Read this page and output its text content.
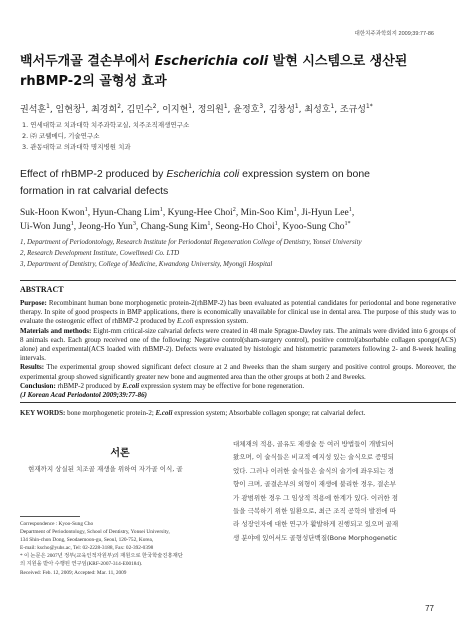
대한치주과학회지 2009;39:77-86
백서두개골 결손부에서 Escherichia coli 발현 시스템으로 생산된
rhBMP-2의 골형성 효과
권석훈$^1$, 임현창$^1$, 최경희$^2$, 김민수$^2$, 이지현$^1$, 정의원$^1$, 윤정호$^3$, 김창성$^1$, 최성호$^1$, 조규성$^{1*}$
1. 연세대학교 치과대학 치주과학교실, 치주조직재생연구소
2. ㈜ 코웰메디, 기술연구소
3. 관동대학교 의과대학 명지병원 치과
Effect of rhBMP-2 produced by Escherichia coli expression system on bone
formation in rat calvarial defects
Suk-Hoon Kwon$^1$, Hyun-Chang Lim$^1$, Kyung-Hee Choi$^2$, Min-Soo Kim$^1$, Ji-Hyun Lee$^1$,
Ui-Won Jung$^1$, Jeong-Ho Yun$^3$, Chang-Sung Kim$^1$, Seong-Ho Choi$^1$, Kyoo-Sung Cho$^{1*}$
1, Department of Periodontology, Research Institute for Periodontal Regeneration College of Dentistry, Yonsei University
2, Research Development Institute, Cowellmedi Co. LTD
3, Department of Dentistry, College of Medicine, Kwandong University, Myongji Hospital
ABSTRACT

Purpose: Recombinant human bone morphogenetic protein-2(rhBMP-2) has been evaluated as potential candidates for periodontal and bone regenerative therapy. In spite of good prospects in BMP applications, there is economically unavailable for clinical use in dental area. The purpose of this study was to evaluate the osteogenic effect of rhBMP-2 produced by E.coli expression system.

Materials and methods: Eight-mm critical-size calvarial defects were created in 48 male Sprague-Dawley rats. The animals were divided into 6 groups of 8 animals each. Each group received one of the following: Negative control(sham-surgery control), positive control(absorbable collagen sponge(ACS) alone) and experimental(ACS loaded with rhBMP-2). Defects were evaluated by histologic and histometric parameters following 2- and 8-week healing intervals.

Results: The experimental group showed significant defect closure at 2 and 8weeks than the sham surgery and positive control groups. Moreover, the experimental group showed significantly greater new bone and augmented area than the other groups at both 2 and 8weeks.

Conclusion: rhBMP-2 produced by E.coli expression system may be effective for bone regeneration.

(J Korean Acad Periodontol 2009;39:77-86)

KEY WORDS: bone morphogenetic protein-2; E.coli expression system; Absorbable collagen sponge; rat calvarial defect.
서론
현재까지 상실된 치조골 재생을 위하여 자가골 이식, 골
Correspondence : Kyoo-Sung Cho
Department of Periodontology, School of Dentistry, Yonsei University,
134 Shin-chon Dong, Seodaemoon-gu, Seoul, 120-752, Korea,
E-mail: kscho@yuhs.ac, Tel: 02-2228-3188, Fax: 02-392-0398
* 이 논문은 2007년 정부(교육인적자원부)의 재원으로 한국학술진흥재단
의 지원을 받아 수행된 연구임(KRF-2007-314-E00184).
Received: Feb. 12, 2009; Accepted: Mar. 11, 2009

대체재의 적용, 골유도 재생술 등 여러 방법들이 개발되어

왔으며, 이 술식들은 비교적 예지성 있는 술식으로 증명되

었다. 그러나 이러한 술식들은 술식의 술기에 좌우되는 경

향이 크며, 골결손부의 외형이 재생에 불리한 경우, 결손부

가 광범위한 경우 그 임상적 적용에 한계가 있다. 이러한 점

들을 극복하기 위한 일환으로, 최근 조직 공학의 발전에 따

라 성장인자에 대한 연구가 활발하게 진행되고 있으며 골재

생 분야에 있어서도 골형성단백질(Bone Morphogenetic

77
